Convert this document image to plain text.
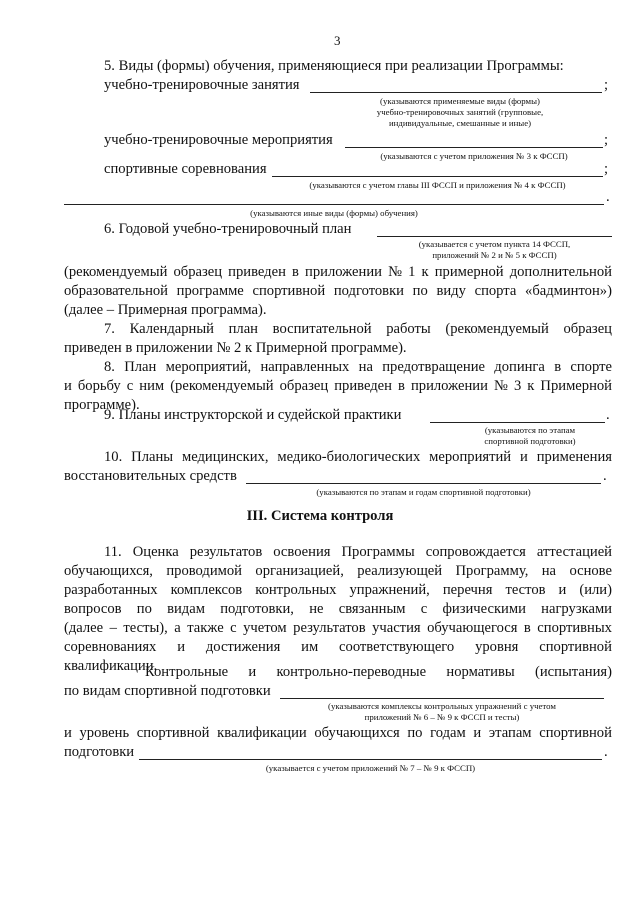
3
5. Виды (формы) обучения, применяющиеся при реализации Программы:
учебно-тренировочные занятия	;
(указываются применяемые виды (формы)
учебно-тренировочных занятий (групповые,
индивидуальные, смешанные и иные)
учебно-тренировочные мероприятия	;
(указываются с учетом приложения № 3 к ФССП)
спортивные соревнования	;
(указываются с учетом главы III ФССП и приложения № 4 к ФССП)
.
(указываются иные виды (формы) обучения)
6. Годовой учебно-тренировочный план
(указывается с учетом пункта 14 ФССП,
приложений № 2 и № 5 к ФССП)
(рекомендуемый образец приведен в приложении № 1 к примерной дополнительной
образовательной программе спортивной подготовки по виду спорта «бадминтон»)
(далее – Примерная программа).
7. Календарный план воспитательной работы (рекомендуемый образец
приведен в приложении № 2 к Примерной программе).
8. План мероприятий, направленных на предотвращение допинга в спорте
и борьбу с ним (рекомендуемый образец приведен в приложении № 3 к Примерной
программе).
9. Планы инструкторской и судейской практики	.
(указываются по этапам
спортивной подготовки)
10. Планы медицинских, медико-биологических мероприятий и применения
восстановительных средств	.
(указываются по этапам и годам спортивной подготовки)
III. Система контроля
11. Оценка результатов освоения Программы сопровождается аттестацией
обучающихся, проводимой организацией, реализующей Программу, на основе
разработанных комплексов контрольных упражнений, перечня тестов и (или)
вопросов по видам подготовки, не связанным с физическими нагрузками
(далее – тесты), а также с учетом результатов участия обучающегося в спортивных
соревнованиях и достижения им соответствующего уровня спортивной
квалификации.
Контрольные и контрольно-переводные нормативы (испытания)
по видам спортивной подготовки
(указываются комплексы контрольных упражнений с учетом
приложений № 6 – № 9 к ФССП и тесты)
и уровень спортивной квалификации обучающихся по годам и этапам спортивной
подготовки	.
(указывается с учетом приложений № 7 – № 9 к ФССП)
